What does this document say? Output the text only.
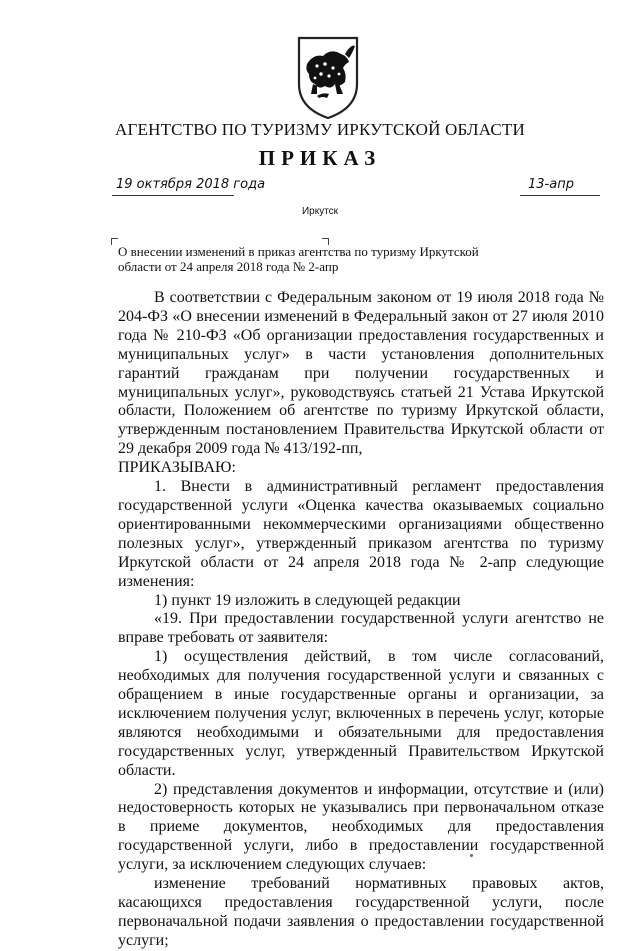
АГЕНТСТВО ПО ТУРИЗМУ ИРКУТСКОЙ ОБЛАСТИ
ПРИКАЗ
19 октября 2018 года	13-апр
Иркутск
О внесении изменений в приказ агентства по туризму Иркутской области от 24 апреля 2018 года № 2-апр

В соответствии с Федеральным законом от 19 июля 2018 года № 204-ФЗ «О внесении изменений в Федеральный закон от 27 июля 2010 года № 210-ФЗ «Об организации предоставления государственных и муниципальных услуг» в части установления дополнительных гарантий гражданам при получении государственных и муниципальных услуг», руководствуясь статьей 21 Устава Иркутской области, Положением об агентстве по туризму Иркутской области, утвержденным постановлением Правительства Иркутской области от 29 декабря 2009 года № 413/192-пп,

ПРИКАЗЫВАЮ:

1. Внести в административный регламент предоставления государственной услуги «Оценка качества оказываемых социально ориентированными некоммерческими организациями общественно полезных услуг», утвержденный приказом агентства по туризму Иркутской области от 24 апреля 2018 года № 2-апр следующие изменения:

1) пункт 19 изложить в следующей редакции

«19. При предоставлении государственной услуги агентство не вправе требовать от заявителя:

1) осуществления действий, в том числе согласований, необходимых для получения государственной услуги и связанных с обращением в иные государственные органы и организации, за исключением получения услуг, включенных в перечень услуг, которые являются необходимыми и обязательными для предоставления государственных услуг, утвержденный Правительством Иркутской области.

2) представления документов и информации, отсутствие и (или) недостоверность которых не указывались при первоначальном отказе в приеме документов, необходимых для предоставления государственной услуги, либо в предоставлении государственной услуги, за исключением следующих случаев:

изменение требований нормативных правовых актов, касающихся предоставления государственной услуги, после первоначальной подачи заявления о предоставлении государственной услуги;
